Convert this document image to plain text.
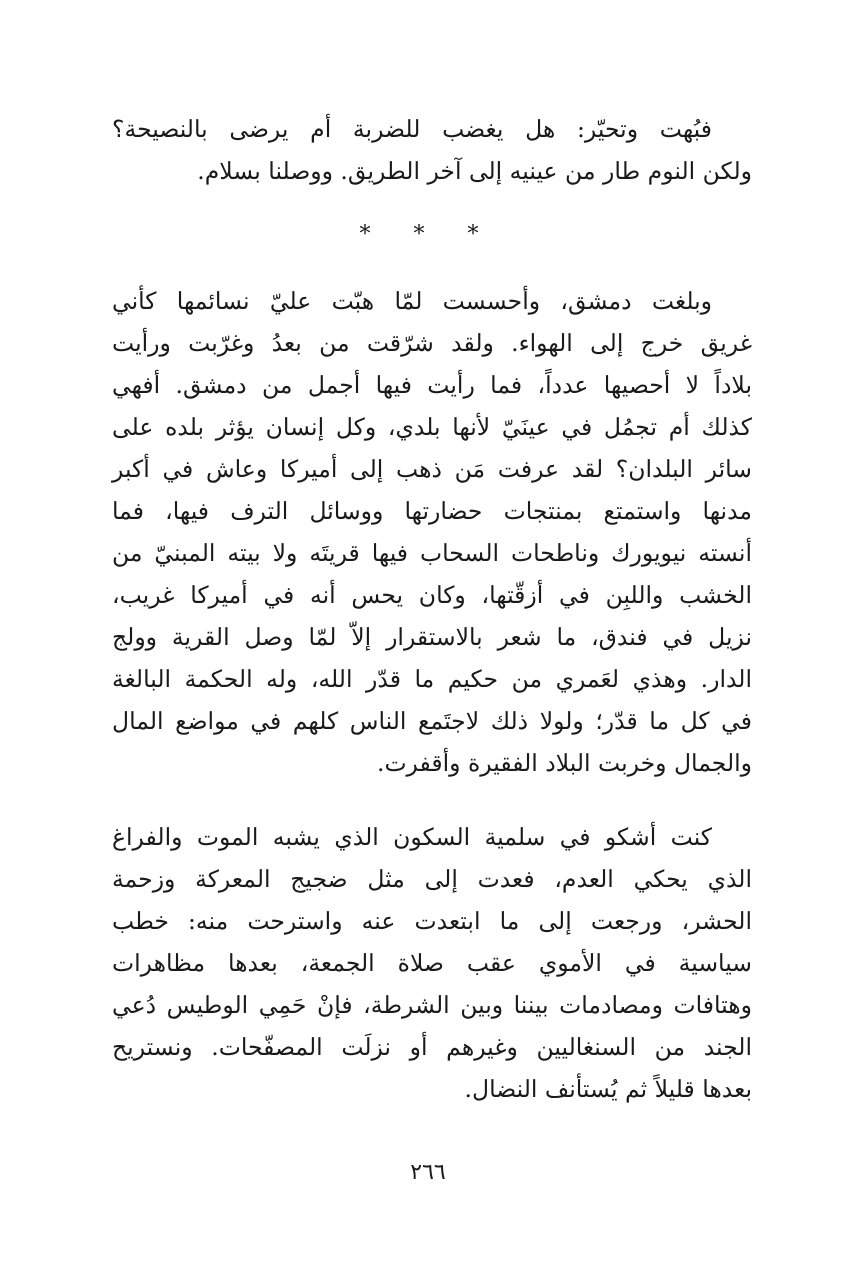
فبُهت وتحيّر: هل يغضب للضربة أم يرضى بالنصيحة؟
ولكن النوم طار من عينيه إلى آخر الطريق. ووصلنا بسلام.
* * *
وبلغت دمشق، وأحسست لمّا هبّت عليّ نسائمها كأني
غريق خرج إلى الهواء. ولقد شرّقت من بعدُ وغرّبت ورأيت
بلاداً لا أحصيها عدداً، فما رأيت فيها أجمل من دمشق. أفهي
كذلك أم تجمُل في عينَيّ لأنها بلدي، وكل إنسان يؤثر بلده على
سائر البلدان؟ لقد عرفت مَن ذهب إلى أميركا وعاش في أكبر
مدنها واستمتع بمنتجات حضارتها ووسائل الترف فيها، فما
أنسته نيويورك وناطحات السحاب فيها قريتَه ولا بيته المبنيّ من
الخشب واللبِن في أزقّتها، وكان يحس أنه في أميركا غريب،
نزيل في فندق، ما شعر بالاستقرار إلاّ لمّا وصل القرية وولج
الدار. وهذي لعَمري من حكيم ما قدّر الله، وله الحكمة البالغة
في كل ما قدّر؛ ولولا ذلك لاجتَمع الناس كلهم في مواضع المال
والجمال وخربت البلاد الفقيرة وأقفرت.
كنت أشكو في سلمية السكون الذي يشبه الموت والفراغ
الذي يحكي العدم، فعدت إلى مثل ضجيج المعركة وزحمة
الحشر، ورجعت إلى ما ابتعدت عنه واسترحت منه: خطب
سياسية في الأموي عقب صلاة الجمعة، بعدها مظاهرات
وهتافات ومصادمات بيننا وبين الشرطة، فإنْ حَمِي الوطيس دُعي
الجند من السنغاليين وغيرهم أو نزلَت المصفّحات. ونستريح
بعدها قليلاً ثم يُستأنف النضال.
٢٦٦
